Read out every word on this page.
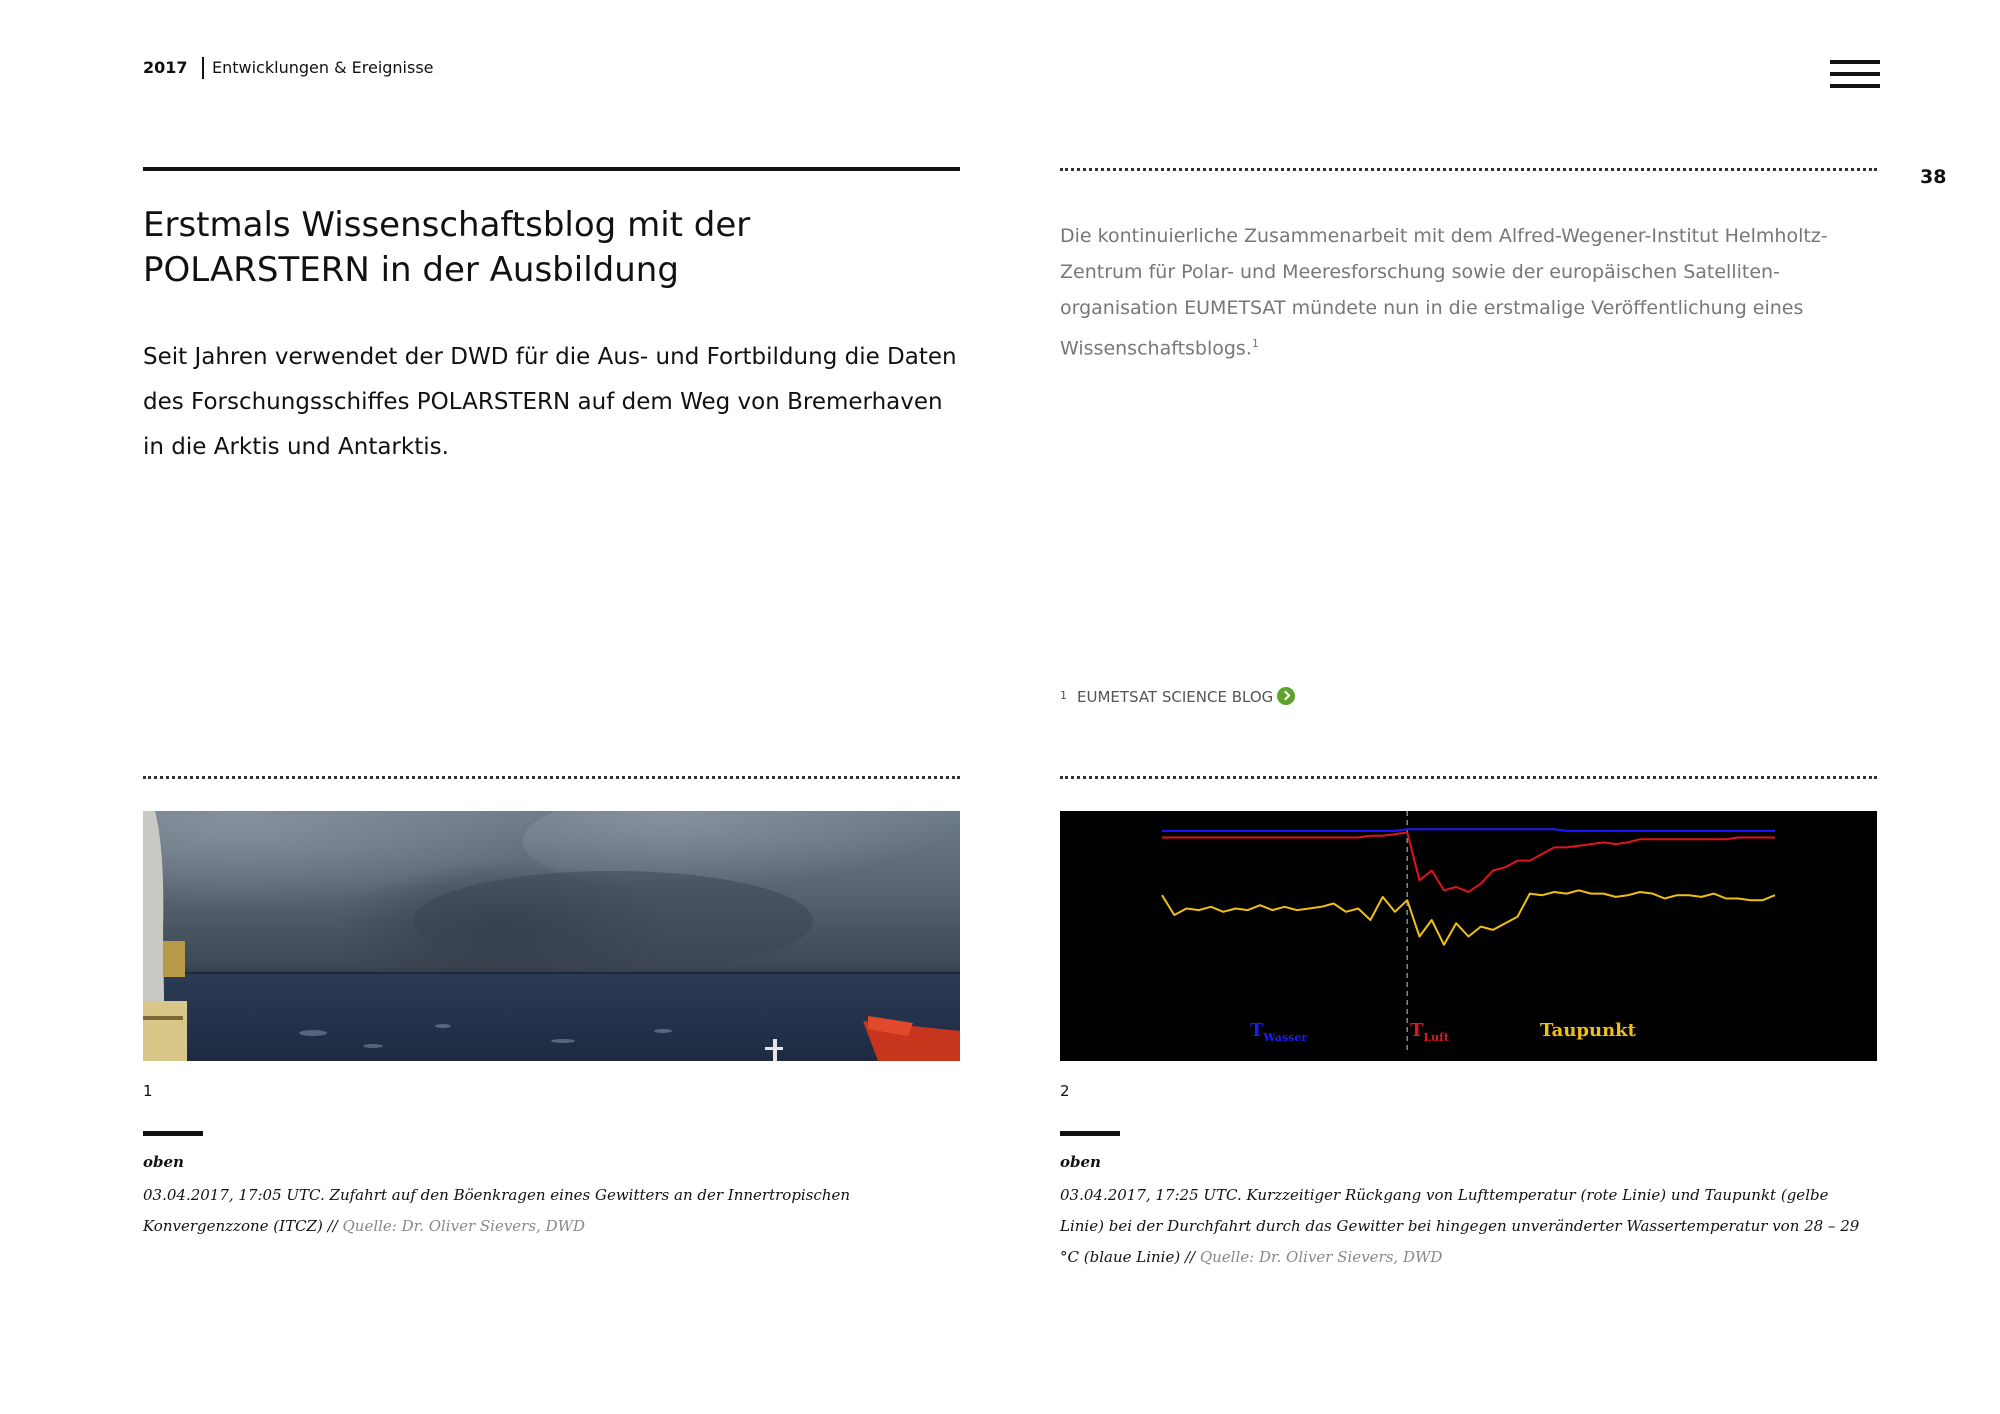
2017 Entwicklungen & Ereignisse
38
Erstmals Wissenschaftsblog mit der POLARSTERN in der Ausbildung

Seit Jahren verwendet der DWD für die Aus- und Fortbildung die Daten des Forschungsschiffes POLARSTERN auf dem Weg von Bremerhaven in die Arktis und Antarktis.

Die kontinuierliche Zusammenarbeit mit dem Alfred-Wegener-Institut Helmholtz-Zentrum für Polar- und Meeresforschung sowie der europäischen Satelliten-organisation EUMETSAT mündete nun in die erstmalige Veröffentlichung eines Wissenschaftsblogs.$^1$

$^1$ EUMETSAT SCIENCE BLOG
$T_{Wasser}$	$T_{Luft}$	Taupunkt
1	2
oben	oben

03.04.2017, 17:05 UTC. Zufahrt auf den Böenkragen eines Gewitters an der Innertropischen Konvergenzzone (ITCZ) // Quelle: Dr. Oliver Sievers, DWD

03.04.2017, 17:25 UTC. Kurzzeitiger Rückgang von Lufttemperatur (rote Linie) und Taupunkt (gelbe Linie) bei der Durchfahrt durch das Gewitter bei hingegen unveränderter Wassertemperatur von 28 – 29 °C (blaue Linie) // Quelle: Dr. Oliver Sievers, DWD
